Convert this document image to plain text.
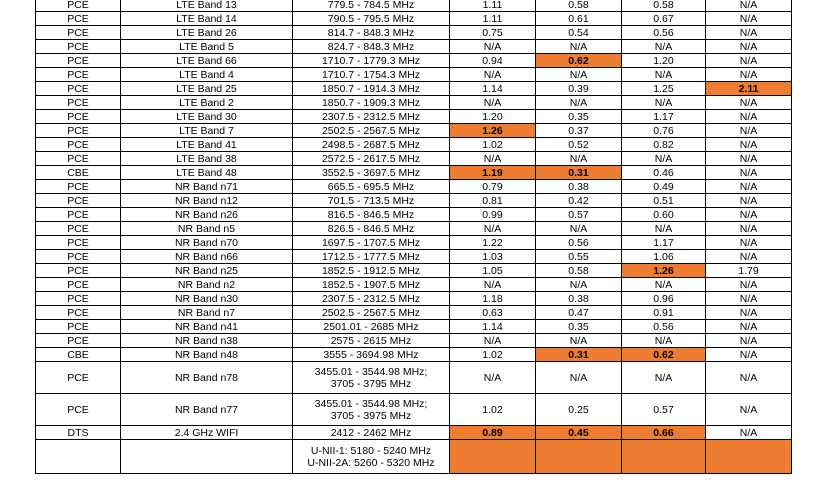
PCE	LTE Band 13	779.5 - 784.5 MHz	1.11	0.58	0.58	N/A
PCE	LTE Band 14	790.5 - 795.5 MHz	1.11	0.61	0.67	N/A
PCE	LTE Band 26	814.7 - 848.3 MHz	0.75	0.54	0.56	N/A
PCE	LTE Band 5	824.7 - 848.3 MHz	N/A	N/A	N/A	N/A
PCE	LTE Band 66	1710.7 - 1779.3 MHz	0.94	0.62	1.20	N/A
PCE	LTE Band 4	1710.7 - 1754.3 MHz	N/A	N/A	N/A	N/A
PCE	LTE Band 25	1850.7 - 1914.3 MHz	1.14	0.39	1.25	2.11
PCE	LTE Band 2	1850.7 - 1909.3 MHz	N/A	N/A	N/A	N/A
PCE	LTE Band 30	2307.5 - 2312.5 MHz	1.20	0.35	1.17	N/A
PCE	LTE Band 7	2502.5 - 2567.5 MHz	1.26	0.37	0.76	N/A
PCE	LTE Band 41	2498.5 - 2687.5 MHz	1.02	0.52	0.82	N/A
PCE	LTE Band 38	2572.5 - 2617.5 MHz	N/A	N/A	N/A	N/A
CBE	LTE Band 48	3552.5 - 3697.5 MHz	1.19	0.31	0.46	N/A
PCE	NR Band n71	665.5 - 695.5 MHz	0.79	0.38	0.49	N/A
PCE	NR Band n12	701.5 - 713.5 MHz	0.81	0.42	0.51	N/A
PCE	NR Band n26	816.5 - 846.5 MHz	0.99	0.57	0.60	N/A
PCE	NR Band n5	826.5 - 846.5 MHz	N/A	N/A	N/A	N/A
PCE	NR Band n70	1697.5 - 1707.5 MHz	1.22	0.56	1.17	N/A
PCE	NR Band n66	1712.5 - 1777.5 MHz	1.03	0.55	1.06	N/A
PCE	NR Band n25	1852.5 - 1912.5 MHz	1.05	0.58	1.26	1.79
PCE	NR Band n2	1852.5 - 1907.5 MHz	N/A	N/A	N/A	N/A
PCE	NR Band n30	2307.5 - 2312.5 MHz	1.18	0.38	0.96	N/A
PCE	NR Band n7	2502.5 - 2567.5 MHz	0.63	0.47	0.91	N/A
PCE	NR Band n41	2501.01 - 2685 MHz	1.14	0.35	0.56	N/A
PCE	NR Band n38	2575 - 2615 MHz	N/A	N/A	N/A	N/A
CBE	NR Band n48	3555 - 3694.98 MHz	1.02	0.31	0.62	N/A
PCE	NR Band n78	3455.01 - 3544.98 MHz;
3705 - 3795 MHz	N/A	N/A	N/A	N/A
PCE	NR Band n77	3455.01 - 3544.98 MHz;
3705 - 3975 MHz	1.02	0.25	0.57	N/A
DTS	2.4 GHz WIFI	2412 - 2462 MHz	0.89	0.45	0.66	N/A

		U-NII-1: 5180 - 5240 MHz
U-NII-2A: 5260 - 5320 MHz				
